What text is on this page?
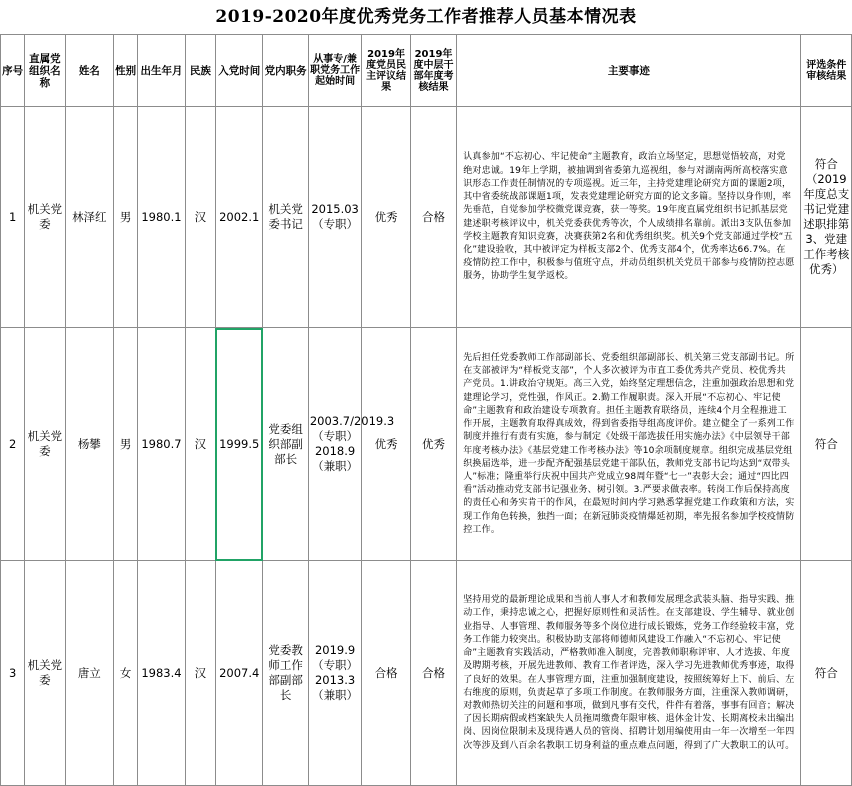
2019-2020年度优秀党务工作者推荐人员基本情况表
序号	直属党组织名称	姓名	性别	出生年月	民族	入党时间	党内职务	从事专/兼职党务工作起始时间	2019年度党员民主评议结果	2019年度中层干部年度考核结果	主要事迹	评选条件审核结果
1	机关党委	林泽红	男	1980.1	汉	2002.1	机关党委书记	2015.03（专职）	优秀	合格	认真参加“不忘初心、牢记使命”主题教育，政治立场坚定，思想觉悟较高，对党绝对忠诚。19年上学期，被抽调到省委第九巡视组，参与对湖南两所高校落实意识形态工作责任制情况的专项巡视。近三年，主持党建理论研究方面的课题2项，其中省委统战部课题1项，发表党建理论研究方面的论文多篇。坚持以身作则，率先垂范，自觉参加学校微党课竞赛，获一等奖。19年度直属党组织书记抓基层党建述职考核评议中，机关党委获优秀等次，个人成绩排名靠前。派出3支队伍参加学校主题教育知识竞赛，决赛获第2名和优秀组织奖。机关9个党支部通过学校“五化”建设验收，其中被评定为样板支部2个、优秀支部4个，优秀率达66.7%。在疫情防控工作中，积极参与值班守点，并动员组织机关党员干部参与疫情防控志愿服务，协助学生复学返校。	符合（2019年度总支书记党建述职排第3、党建工作考核优秀）
2	机关党委	杨攀	男	1980.7	汉	1999.5	党委组织部副部长	2003.7/2019.3（专职）2018.9（兼职）	优秀	优秀	先后担任党委教师工作部副部长、党委组织部副部长、机关第三党支部副书记。所在支部被评为“样板党支部”，个人多次被评为市直工委优秀共产党员、校优秀共产党员。1.讲政治守规矩。高三入党，始终坚定理想信念，注重加强政治思想和党建理论学习，党性强，作风正。2.勤工作履职责。深入开展“不忘初心、牢记使命”主题教育和政治建设专项教育。担任主题教育联络员，连续4个月全程推进工作开展，主题教育取得真成效，得到省委指导组高度评价。建立健全了一系列工作制度并推行有责有实施，参与制定《处级干部选拔任用实施办法》《中层领导干部年度考核办法》《基层党建工作考核办法》等10余项制度规章。组织完成基层党组织换届选举，进一步配齐配强基层党建干部队伍，教师党支部书记均达到“双带头人”标准；隆重举行庆祝中国共产党成立98周年暨“七一”表彰大会；通过“四比四看”活动推动党支部书记强业务、树引领。3.严要求做表率。转岗工作后保持高度的责任心和务实肯干的作风，在最短时间内学习熟悉掌握党建工作政策和方法，实现工作角色转换，独挡一面；在新冠肺炎疫情爆延初期，率先报名参加学校疫情防控工作。	符合
3	机关党委	唐立	女	1983.4	汉	2007.4	党委教师工作部副部长	2019.9（专职）2013.3（兼职）	合格	合格	坚持用党的最新理论成果和当前人事人才和教师发展理念武装头脑、指导实践、推动工作，秉持忠诚之心，把握好原则性和灵活性。在支部建设、学生辅导、就业创业指导、人事管理、教师服务等多个岗位进行成长锻炼，党务工作经验较丰富，党务工作能力较突出。积极协助支部将师德师风建设工作融入“不忘初心、牢记使命”主题教育实践活动，严格教师准入制度，完善教师职称评审、人才选拔、年度及聘期考核，开展先进教师、教育工作者评选，深入学习先进教师优秀事迹，取得了良好的效果。在人事管理方面，注重加强制度建设，按照统筹好上下、前后、左右维度的原则，负责起草了多项工作制度。在教师服务方面，注重深入教师调研，对教师热切关注的问题和事项，做到凡事有交代，件件有着落，事事有回音；解决了因长期病假或档案缺失人员拖周缴费年限审核、退休金计发、长期离校未出编出岗、因岗位限制未及现待遇人员的管岗、招聘计划用编使用由一年一次增至一年四次等涉及到八百余名教职工切身利益的重点难点问题，得到了广大教职工的认可。	符合
